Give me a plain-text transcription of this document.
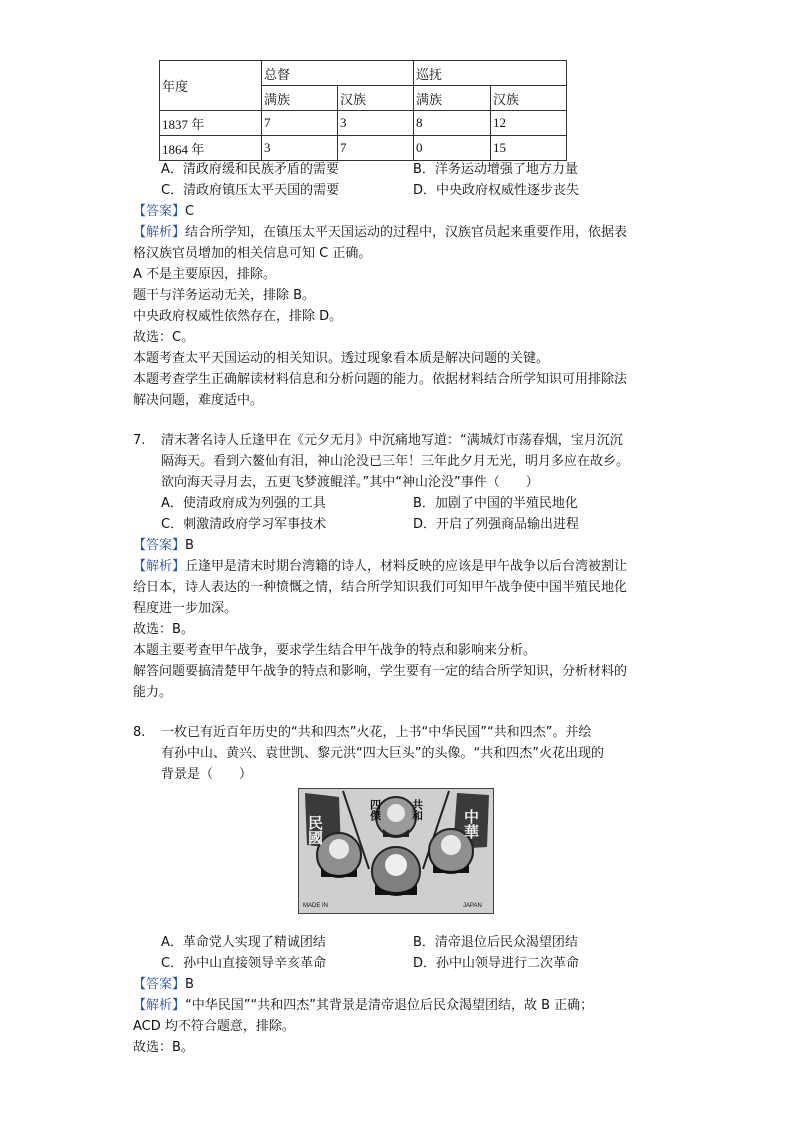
年度	总督		巡抚	
	满族	汉族	满族	汉族
1837 年	7	3	8	12
1864 年	3	7	0	15
A．清政府缓和民族矛盾的需要	B．洋务运动增强了地方力量
C．清政府镇压太平天国的需要	D．中央政府权威性逐步丧失
【答案】C
【解析】结合所学知，在镇压太平天国运动的过程中，汉族官员起来重要作用，依据表
格汉族官员增加的相关信息可知 C 正确。
A 不是主要原因，排除。
题干与洋务运动无关，排除 B。
中央政府权威性依然存在，排除 D。
故选：C。
本题考查太平天国运动的相关知识。透过现象看本质是解决问题的关键。
本题考查学生正确解读材料信息和分析问题的能力。依据材料结合所学知识可用排除法
解决问题，难度适中。
7. 清末著名诗人丘逢甲在《元夕无月》中沉痛地写道：“满城灯市荡春烟，宝月沉沉
隔海天。看到六鳌仙有泪，神山沦没已三年！三年此夕月无光，明月多应在故乡。
欲向海天寻月去，五更飞梦渡鲲洋。”其中“神山沦没”事件（　　）
A．使清政府成为列强的工具	B．加剧了中国的半殖民地化
C．刺激清政府学习军事技术	D．开启了列强商品输出进程
【答案】B
【解析】丘逢甲是清末时期台湾籍的诗人，材料反映的应该是甲午战争以后台湾被割让
给日本，诗人表达的一种愤慨之情，结合所学知识我们可知甲午战争使中国半殖民地化
程度进一步加深。
故选：B。
本题主要考查甲午战争，要求学生结合甲午战争的特点和影响来分析。
解答问题要搞清楚甲午战争的特点和影响，学生要有一定的结合所学知识，分析材料的
能力。
8. 一枚已有近百年历史的“共和四杰”火花，上书“中华民国”“共和四杰”。并绘
有孙中山、黄兴、袁世凯、黎元洪“四大巨头”的头像。“共和四杰”火花出现的
背景是（　　）
民國
四傑	共和	中華
MADE IN	JAPAN
A．革命党人实现了精诚团结	B．清帝退位后民众渴望团结
C．孙中山直接领导辛亥革命	D．孙中山领导进行二次革命
【答案】B
【解析】“中华民国”“共和四杰”其背景是清帝退位后民众渴望团结，故 B 正确；
ACD 均不符合题意，排除。
故选：B。
